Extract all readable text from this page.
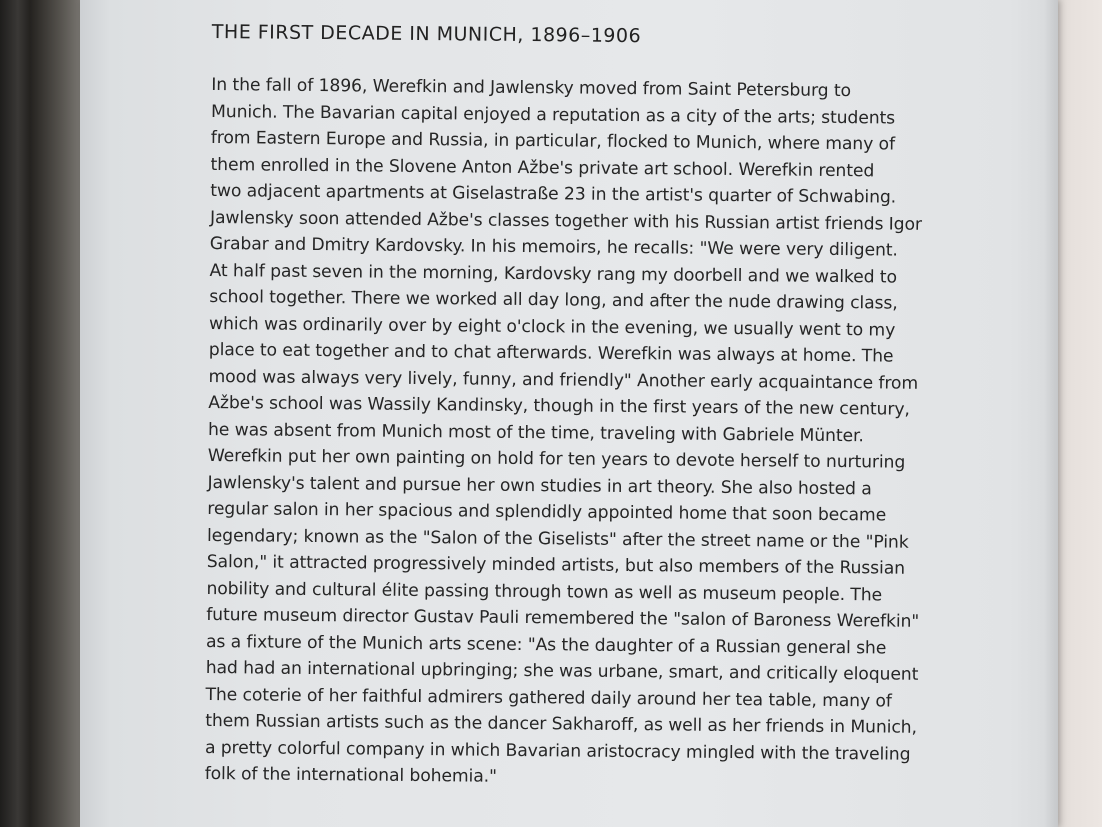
THE FIRST DECADE IN MUNICH, 1896–1906
In the fall of 1896, Werefkin and Jawlensky moved from Saint Petersburg to
Munich. The Bavarian capital enjoyed a reputation as a city of the arts; students
from Eastern Europe and Russia, in particular, flocked to Munich, where many of
them enrolled in the Slovene Anton Ažbe's private art school. Werefkin rented
two adjacent apartments at Giselastraße 23 in the artist's quarter of Schwabing.
Jawlensky soon attended Ažbe's classes together with his Russian artist friends Igor
Grabar and Dmitry Kardovsky. In his memoirs, he recalls: "We were very diligent.
At half past seven in the morning, Kardovsky rang my doorbell and we walked to
school together. There we worked all day long, and after the nude drawing class,
which was ordinarily over by eight o'clock in the evening, we usually went to my
place to eat together and to chat afterwards. Werefkin was always at home. The
mood was always very lively, funny, and friendly" Another early acquaintance from
Ažbe's school was Wassily Kandinsky, though in the first years of the new century,
he was absent from Munich most of the time, traveling with Gabriele Münter.
Werefkin put her own painting on hold for ten years to devote herself to nurturing
Jawlensky's talent and pursue her own studies in art theory. She also hosted a
regular salon in her spacious and splendidly appointed home that soon became
legendary; known as the "Salon of the Giselists" after the street name or the "Pink
Salon," it attracted progressively minded artists, but also members of the Russian
nobility and cultural élite passing through town as well as museum people. The
future museum director Gustav Pauli remembered the "salon of Baroness Werefkin"
as a fixture of the Munich arts scene: "As the daughter of a Russian general she
had had an international upbringing; she was urbane, smart, and critically eloquent
The coterie of her faithful admirers gathered daily around her tea table, many of
them Russian artists such as the dancer Sakharoff, as well as her friends in Munich,
a pretty colorful company in which Bavarian aristocracy mingled with the traveling
folk of the international bohemia."
